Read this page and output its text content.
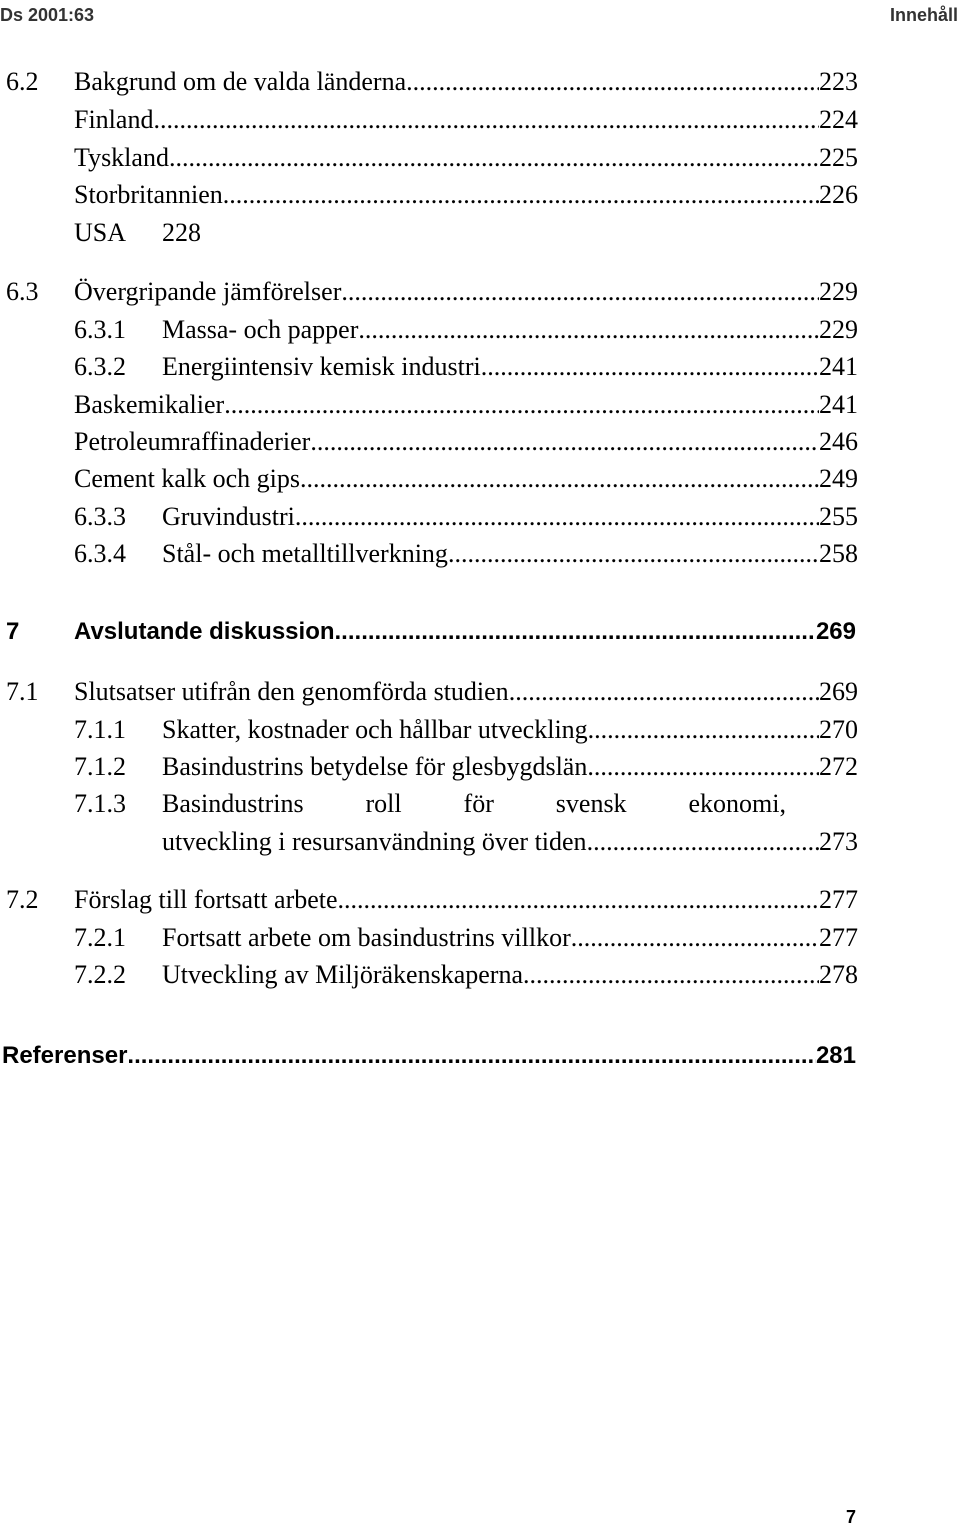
Ds 2001:63	Innehåll
6.2 Bakgrund om de valda länderna .....	223
Finland .....	224
Tyskland .....	225
Storbritannien .....	226
USA 228
6.3 Övergripande jämförelser .....	229
6.3.1 Massa- och papper .....	229
6.3.2 Energiintensiv kemisk industri .....	241
Baskemikalier .....	241
Petroleumraffinaderier .....	246
Cement kalk och gips .....	249
6.3.3 Gruvindustri .....	255
6.3.4 Stål- och metalltillverkning .....	258
7 Avslutande diskussion .....	269
7.1 Slutsatser utifrån den genomförda studien .....	269
7.1.1 Skatter, kostnader och hållbar utveckling .....	270
7.1.2 Basindustrins betydelse för glesbygdslän .....	272
7.1.3 Basindustrins roll för svensk ekonomi,
utveckling i resursanvändning över tiden .....	273
7.2 Förslag till fortsatt arbete .....	277
7.2.1 Fortsatt arbete om basindustrins villkor .....	277
7.2.2 Utveckling av Miljöräkenskaperna .....	278
Referenser .....	281
7
